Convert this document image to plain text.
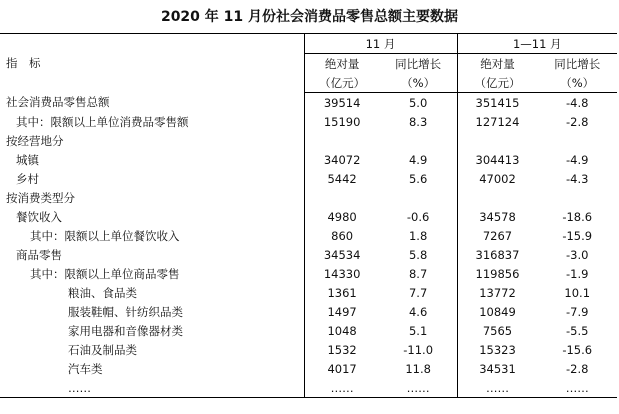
2020 年 11 月份社会消费品零售总额主要数据
指　标	11 月		1—11 月	
	绝对量	同比增长	绝对量	同比增长
	（亿元）	（%）	（亿元）	（%）
社会消费品零售总额	39514	5.0	351415	-4.8
其中：限额以上单位消费品零售额	15190	8.3	127124	-2.8
按经营地分				
城镇	34072	4.9	304413	-4.9
乡村	5442	5.6	47002	-4.3
按消费类型分				
餐饮收入	4980	-0.6	34578	-18.6
其中：限额以上单位餐饮收入	860	1.8	7267	-15.9
商品零售	34534	5.8	316837	-3.0
其中：限额以上单位商品零售	14330	8.7	119856	-1.9
粮油、食品类	1361	7.7	13772	10.1
服装鞋帽、针纺织品类	1497	4.6	10849	-7.9
家用电器和音像器材类	1048	5.1	7565	-5.5
石油及制品类	1532	-11.0	15323	-15.6
汽车类	4017	11.8	34531	-2.8
……	……	……	……	……
